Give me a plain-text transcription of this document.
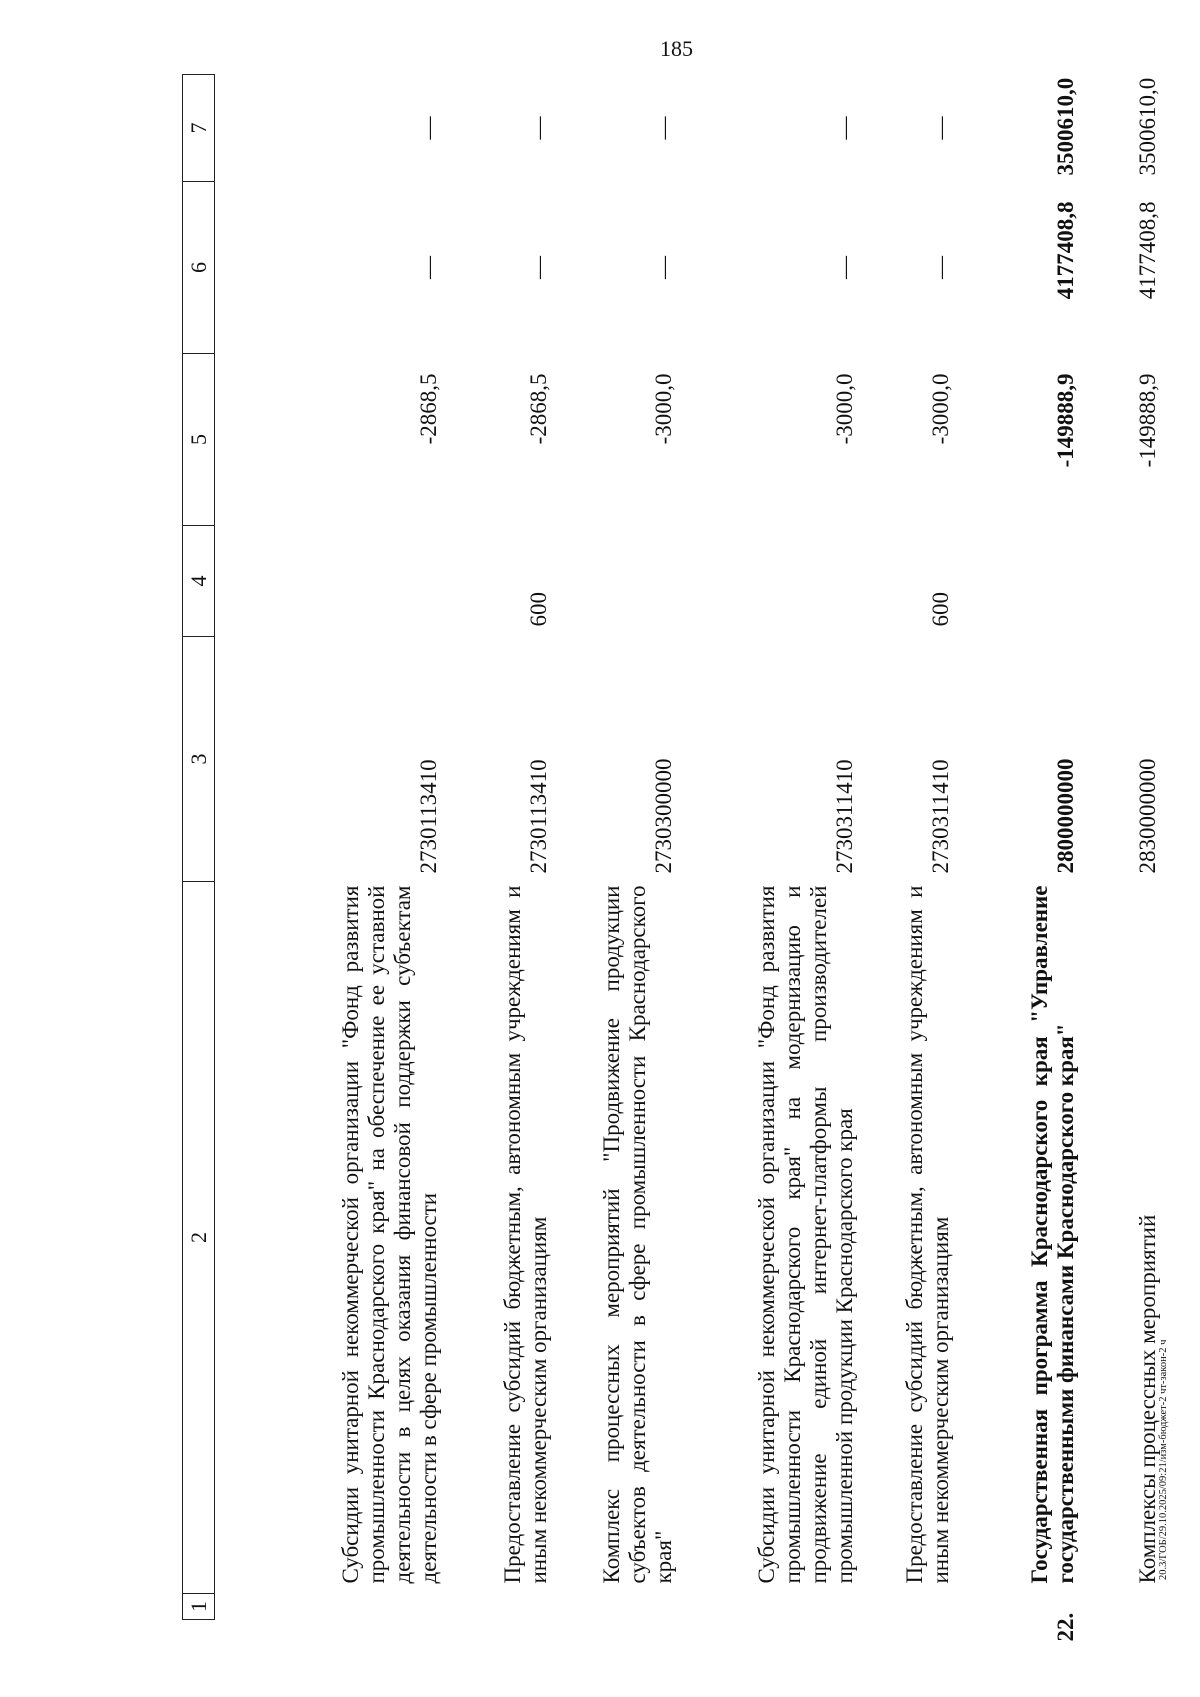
185
1	2	3	4	5	6	7
	Субсидии унитарной некоммерческой организации "Фонд развития промышленности Краснодарского края" на обеспечение ее уставной деятельности в целях оказания финансовой поддержки субъектам деятельности в сфере промышленности	2730113410		-2868,5	—	—
	Предоставление субсидий бюджетным, автономным учреждениям и иным некоммерческим организациям	2730113410	600	-2868,5	—	—
	Комплекс процессных мероприятий "Продвижение продукции субъектов деятельности в сфере промышленности Краснодарского края"	2730300000		-3000,0	—	—
	Субсидии унитарной некоммерческой организации "Фонд развития промышленности Краснодарского края" на модернизацию и продвижение единой интернет-платформы производителей промышленной продукции Краснодарского края	2730311410		-3000,0	—	—
	Предоставление субсидий бюджетным, автономным учреждениям и иным некоммерческим организациям	2730311410	600	-3000,0	—	—
22.	Государственная программа Краснодарского края "Управление государственными финансами Краснодарского края"	2800000000		-149888,9	4177408,8	3500610,0
	Комплексы процессных мероприятий	2830000000		-149888,9	4177408,8	3500610,0
20.3/ГОБ/29.10.2025/09:21/изм-бюджет-2 чт-закон-2 ч
